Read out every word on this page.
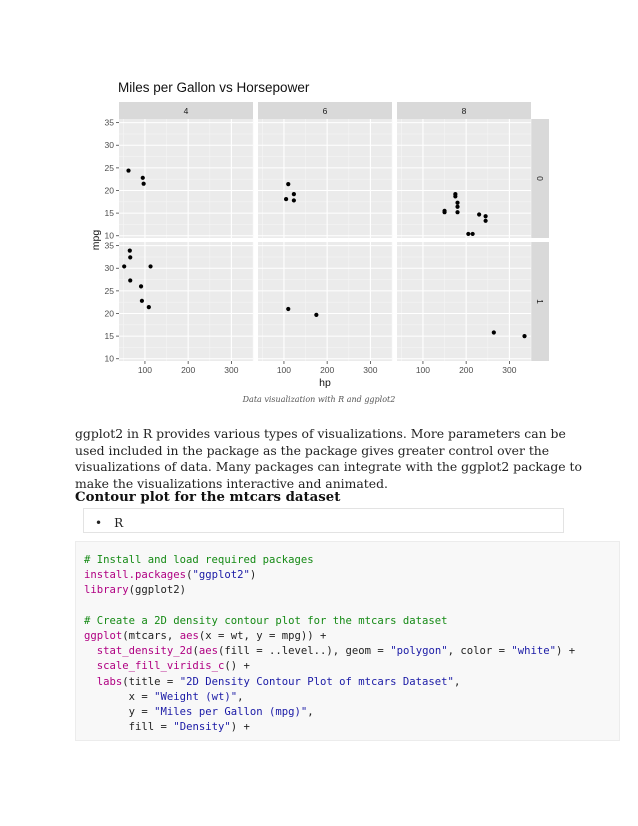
Miles per Gallon vs Horsepower
4	6	8
0
1
10
15
20
25
30
35
10
15
20
25
30
35
100	200	300	100	200	300	100	200	300
hp
mpg
Data visualization with R and ggplot2
ggplot2 in R provides various types of visualizations. More parameters can be
used included in the package as the package gives greater control over the
visualizations of data. Many packages can integrate with the ggplot2 package to
make the visualizations interactive and animated.
Contour plot for the mtcars dataset
• R
# Install and load required packages
install.packages("ggplot2")
library(ggplot2)

# Create a 2D density contour plot for the mtcars dataset
ggplot(mtcars, aes(x = wt, y = mpg)) +
stat_density_2d(aes(fill = ..level..), geom = "polygon", color = "white") +
scale_fill_viridis_c() +
labs(title = "2D Density Contour Plot of mtcars Dataset",
x = "Weight (wt)",
y = "Miles per Gallon (mpg)",
fill = "Density") +
